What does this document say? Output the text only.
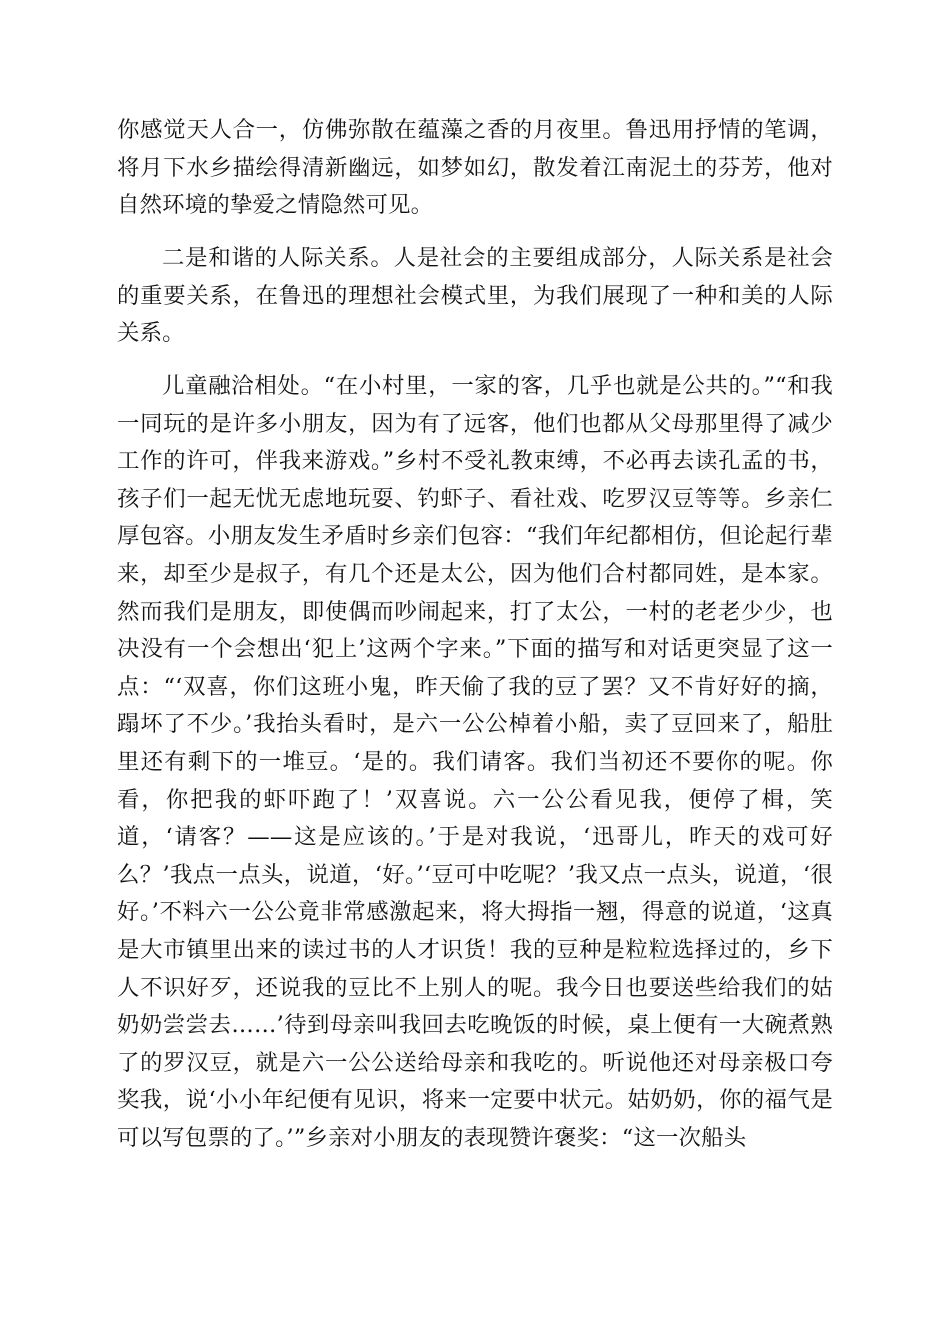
你感觉天人合一，仿佛弥散在蕴藻之香的月夜里。鲁迅用抒情的笔调，将月下水乡描绘得清新幽远，如梦如幻，散发着江南泥土的芬芳，他对自然环境的挚爱之情隐然可见。

二是和谐的人际关系。人是社会的主要组成部分，人际关系是社会的重要关系，在鲁迅的理想社会模式里，为我们展现了一种和美的人际关系。

儿童融洽相处。“在小村里，一家的客，几乎也就是公共的。”“和我一同玩的是许多小朋友，因为有了远客，他们也都从父母那里得了减少工作的许可，伴我来游戏。”乡村不受礼教束缚，不必再去读孔孟的书，孩子们一起无忧无虑地玩耍、钓虾子、看社戏、吃罗汉豆等等。乡亲仁厚包容。小朋友发生矛盾时乡亲们包容：“我们年纪都相仿，但论起行辈来，却至少是叔子，有几个还是太公，因为他们合村都同姓，是本家。然而我们是朋友，即使偶而吵闹起来，打了太公，一村的老老少少，也决没有一个会想出‘犯上’这两个字来。”下面的描写和对话更突显了这一点：“‘双喜，你们这班小鬼，昨天偷了我的豆了罢？又不肯好好的摘，蹋坏了不少。’我抬头看时，是六一公公棹着小船，卖了豆回来了，船肚里还有剩下的一堆豆。‘是的。我们请客。我们当初还不要你的呢。你看，你把我的虾吓跑了！’双喜说。六一公公看见我，便停了楫，笑道，‘请客？——这是应该的。’于是对我说，‘迅哥儿，昨天的戏可好么？’我点一点头，说道，‘好。’‘豆可中吃呢？’我又点一点头，说道，‘很好。’不料六一公公竟非常感激起来，将大拇指一翘，得意的说道，‘这真是大市镇里出来的读过书的人才识货！我的豆种是粒粒选择过的，乡下人不识好歹，还说我的豆比不上别人的呢。我今日也要送些给我们的姑奶奶尝尝去……’待到母亲叫我回去吃晚饭的时候，桌上便有一大碗煮熟了的罗汉豆，就是六一公公送给母亲和我吃的。听说他还对母亲极口夸奖我，说‘小小年纪便有见识，将来一定要中状元。姑奶奶，你的福气是可以写包票的了。’”乡亲对小朋友的表现赞许褒奖：“这一次船头
